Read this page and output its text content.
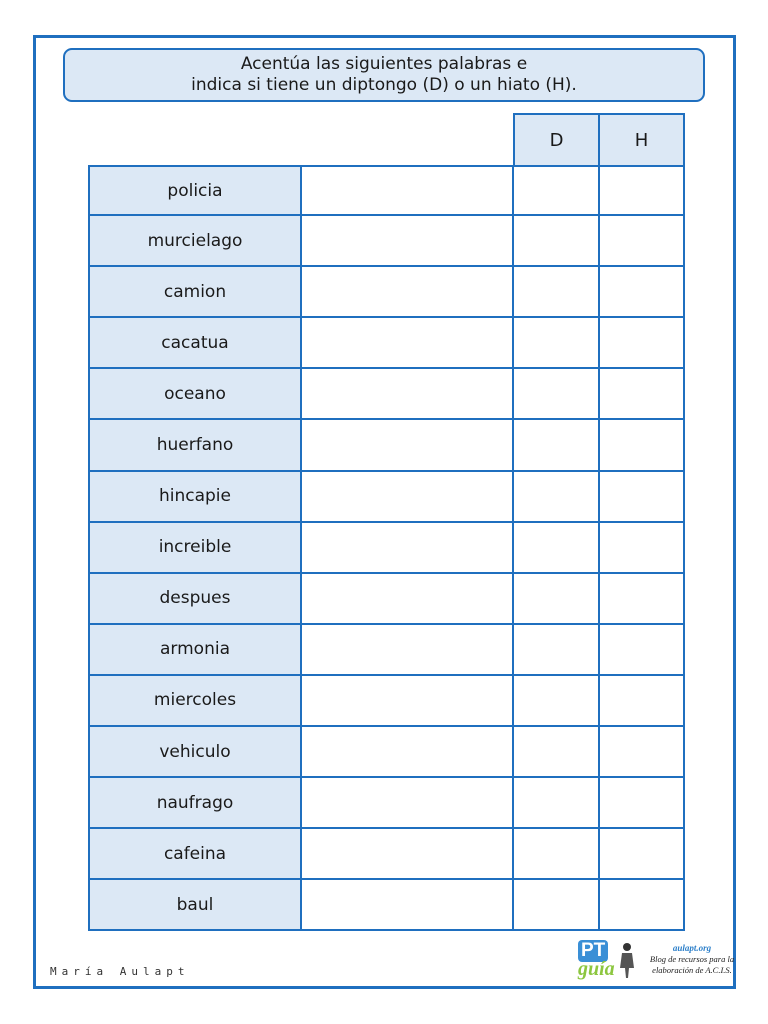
Acentúa las siguientes palabras e
indica si tiene un diptongo (D) o un hiato (H).
D	H
policia
murcielago
camion
cacatua
oceano
huerfano
hincapie
increible
despues
armonia
miercoles
vehiculo
naufrago
cafeina
baul
María Aulapt
PT
guía
aulapt.org
Blog de recursos para la
elaboración de A.C.I.S.
